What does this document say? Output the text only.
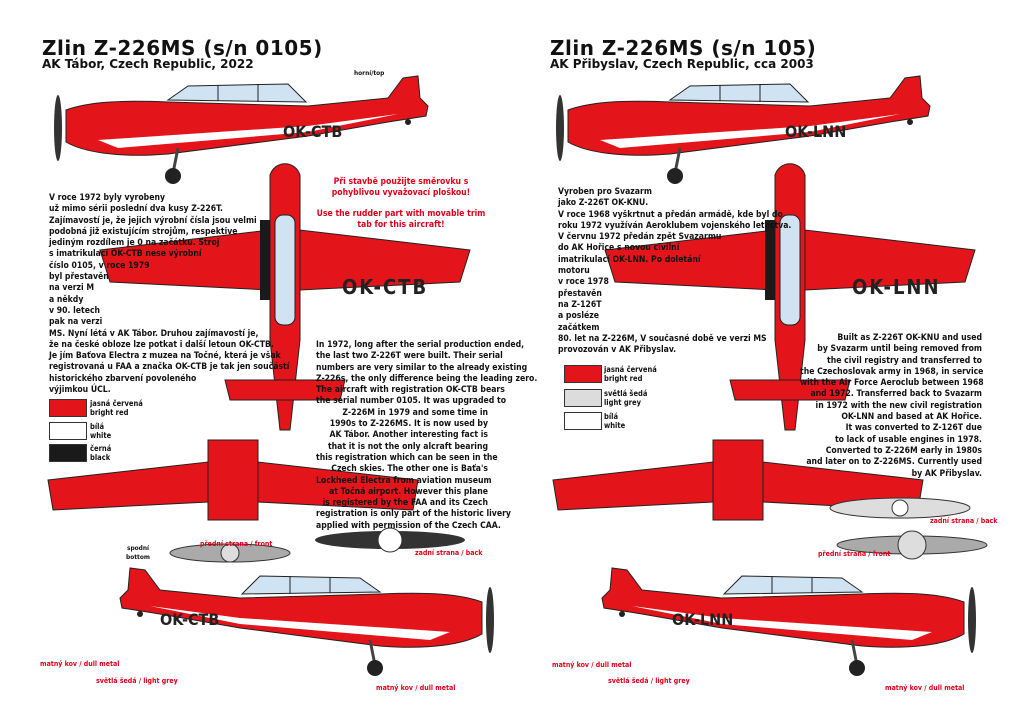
OK-CTB	OK-LNN
OK-CTB	OK-LNN
OK-CTB	OK-LNN
Zlin Z-226MS (s/n 0105)
AK Tábor, Czech Republic, 2022
Při stavbě použijte směrovku s pohyblivou vyvažovací ploškou!
Use the rudder part with movable trim tab for this aircraft!
V roce 1972 byly vyrobeny
už mimo sérii poslední dva kusy Z-226T.
Zajímavostí je, že jejich výrobní čísla jsou velmi
podobná již existujícím strojům, respektive
jediným rozdílem je 0 na začátku. Stroj
s imatrikulací OK-CTB nese výrobní
číslo 0105, v roce 1979
byl přestavěn
na verzi M
a někdy
v 90. letech
pak na verzi
MS. Nyní létá v AK Tábor. Druhou zajímavostí je,
že na české obloze lze potkat i další letoun OK-CTB.
Je jím Baťova Electra z muzea na Točné, která je však
registrovaná u FAA a značka OK-CTB je tak jen součástí
historického zbarvení povoleného
výjimkou ÚCL.
In 1972, long after the serial production ended,
the last two Z-226T were built. Their serial
numbers are very similar to the already existing
Z-226s, the only difference being the leading zero.
The aircraft with registration OK-CTB bears
the serial number 0105. It was upgraded to
Z-226M in 1979 and some time in
1990s to Z-226MS. It is now used by
AK Tábor. Another interesting fact is
that it is not the only alcraft bearing
this registration which can be seen in the
Czech skies. The other one is Baťa's
Lockheed Electra from aviation museum
at Točná airport. However this plane
is registered by the FAA and its Czech
registration is only part of the historic livery
applied with permission of the Czech CAA.
jasná červená
bright red
bílá
white
černá
black
přední strana / front
zadní strana / back
matný kov / dull metal
světlá šedá / light grey
matný kov / dull metal
horní/top
spodní bottom
Zlin Z-226MS (s/n 105)
AK Přibyslav, Czech Republic, cca 2003
Vyroben pro Svazarm
jako Z-226T OK-KNU.
V roce 1968 vyškrtnut a předán armádě, kde byl do
roku 1972 využíván Aeroklubem vojenského letectva.
V červnu 1972 předán zpět Svazarmu
do AK Hořice s novou civilní
imatrikulací OK-LNN. Po doletání
motoru
v roce 1978
přestavěn
na Z-126T
a posléze
začátkem
80. let na Z-226M, V současné době ve verzi MS
provozován v AK Přibyslav.
Built as Z-226T OK-KNU and used
by Svazarm until being removed from
the civil registry and transferred to
the Czechoslovak army in 1968, in service
with the Air Force Aeroclub between 1968
and 1972. Transferred back to Svazarm
in 1972 with the new civil registration
OK-LNN and based at AK Hořice.
It was converted to Z-126T due
to lack of usable engines in 1978.
Converted to Z-226M early in 1980s
and later on to Z-226MS. Currently used
by AK Přibyslav.
jasná červená
bright red
světlá šedá
light grey
bílá
white
zadní strana / back
přední strana / front
matný kov / dull metal
světlá šedá / light grey
matný kov / dull metal
